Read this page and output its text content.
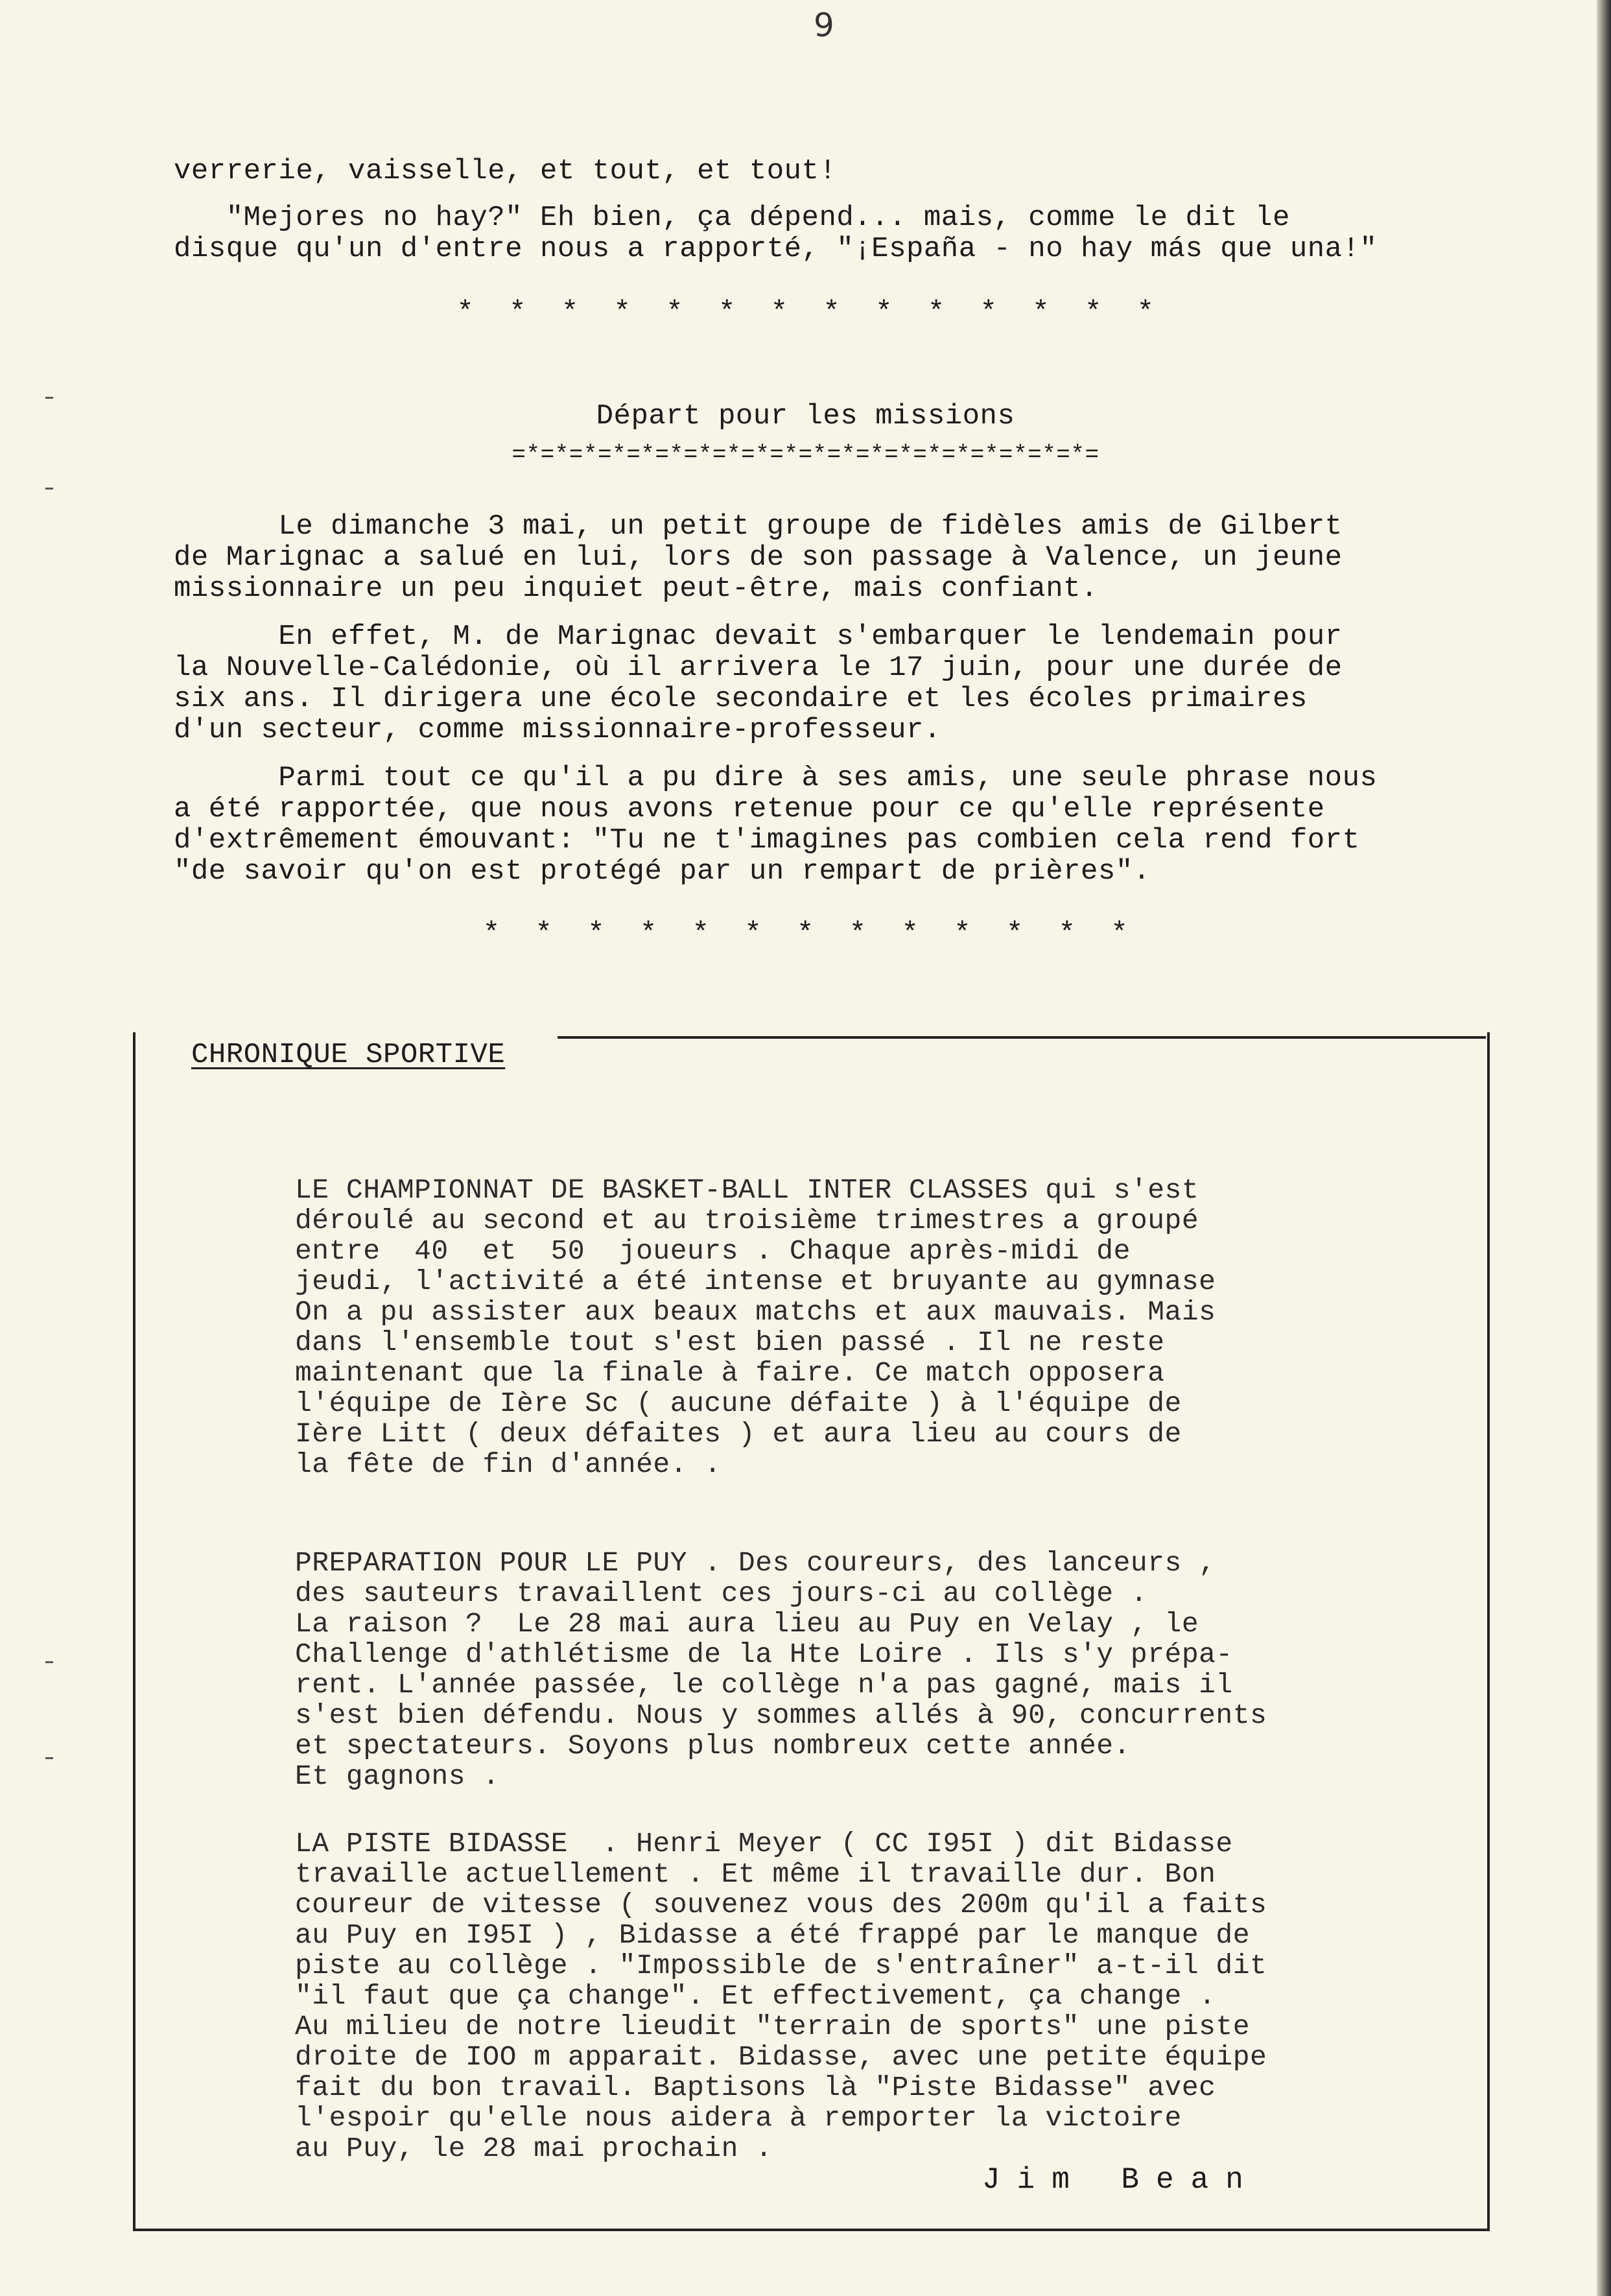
9
verrerie, vaisselle, et tout, et tout!
"Mejores no hay?" Eh bien, ça dépend... mais, comme le dit le
disque qu'un d'entre nous a rapporté, "¡España - no hay más que una!"
*  *  *  *  *  *  *  *  *  *  *  *  *  *
Départ pour les missions
=*=*=*=*=*=*=*=*=*=*=*=*=*=*=*=*=*=*=*=*=
Le dimanche 3 mai, un petit groupe de fidèles amis de Gilbert
de Marignac a salué en lui, lors de son passage à Valence, un jeune
missionnaire un peu inquiet peut-être, mais confiant.
En effet, M. de Marignac devait s'embarquer le lendemain pour
la Nouvelle-Calédonie, où il arrivera le 17 juin, pour une durée de
six ans. Il dirigera une école secondaire et les écoles primaires
d'un secteur, comme missionnaire-professeur.
Parmi tout ce qu'il a pu dire à ses amis, une seule phrase nous
a été rapportée, que nous avons retenue pour ce qu'elle représente
d'extrêmement émouvant: "Tu ne t'imagines pas combien cela rend fort
"de savoir qu'on est protégé par un rempart de prières".
*  *  *  *  *  *  *  *  *  *  *  *  *
CHRONIQUE SPORTIVE
LE CHAMPIONNAT DE BASKET-BALL INTER CLASSES qui s'est
déroulé au second et au troisième trimestres a groupé
entre  40  et  50  joueurs . Chaque après-midi de
jeudi, l'activité a été intense et bruyante au gymnase
On a pu assister aux beaux matchs et aux mauvais. Mais
dans l'ensemble tout s'est bien passé . Il ne reste
maintenant que la finale à faire. Ce match opposera
l'équipe de Ière Sc ( aucune défaite ) à l'équipe de
Ière Litt ( deux défaites ) et aura lieu au cours de
la fête de fin d'année. .
PREPARATION POUR LE PUY . Des coureurs, des lanceurs ,
des sauteurs travaillent ces jours-ci au collège .
La raison ?  Le 28 mai aura lieu au Puy en Velay , le
Challenge d'athlétisme de la Hte Loire . Ils s'y prépa-
rent. L'année passée, le collège n'a pas gagné, mais il
s'est bien défendu. Nous y sommes allés à 90, concurrents
et spectateurs. Soyons plus nombreux cette année.
Et gagnons .
LA PISTE BIDASSE  . Henri Meyer ( CC I95I ) dit Bidasse
travaille actuellement . Et même il travaille dur. Bon
coureur de vitesse ( souvenez vous des 200m qu'il a faits
au Puy en I95I ) , Bidasse a été frappé par le manque de
piste au collège . "Impossible de s'entraîner" a-t-il dit
"il faut que ça change". Et effectivement, ça change .
Au milieu de notre lieudit "terrain de sports" une piste
droite de IOO m apparait. Bidasse, avec une petite équipe
fait du bon travail. Baptisons là "Piste Bidasse" avec
l'espoir qu'elle nous aidera à remporter la victoire
au Puy, le 28 mai prochain .
Jim Bean
